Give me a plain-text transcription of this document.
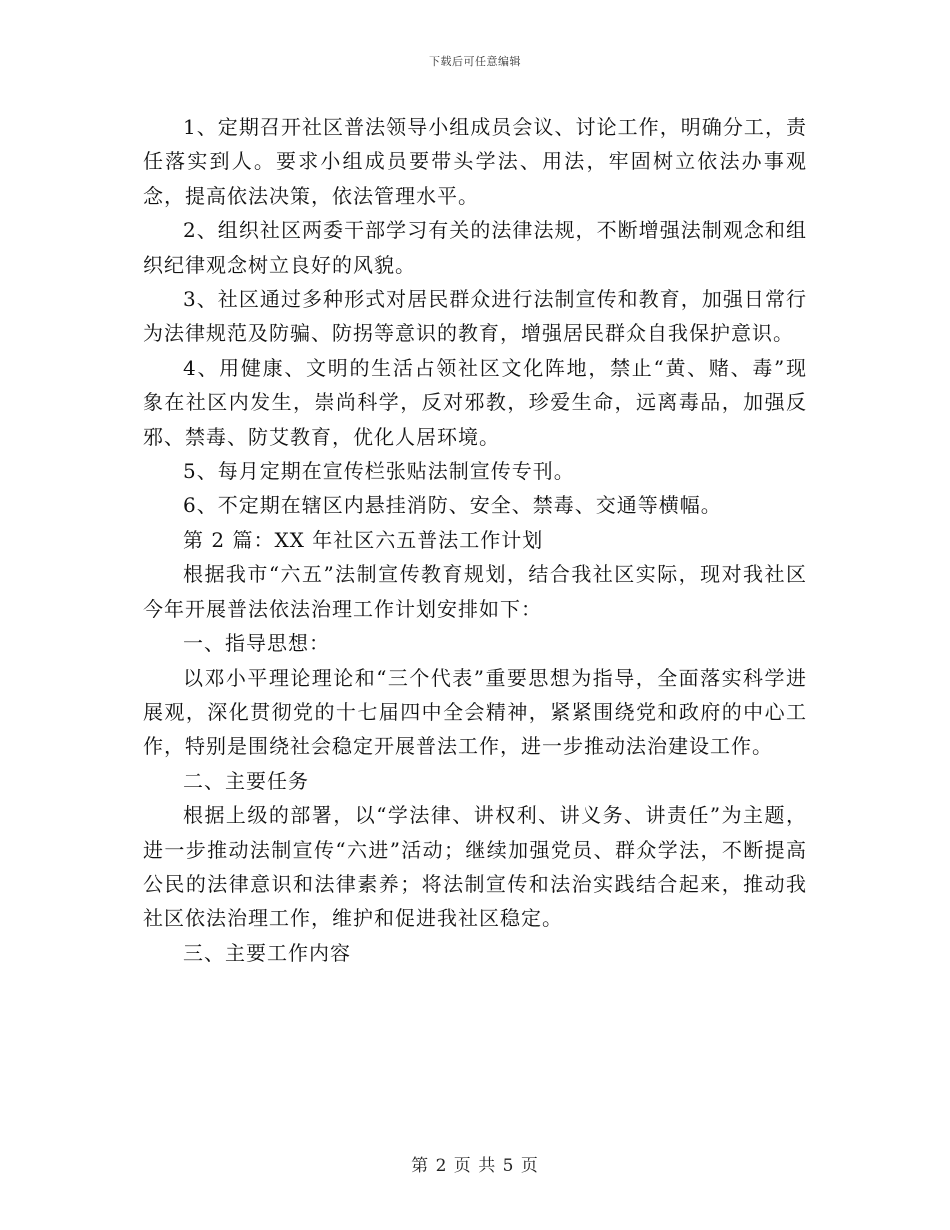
下载后可任意编辑

1、定期召开社区普法领导小组成员会议、讨论工作，明确分工，责任落实到人。要求小组成员要带头学法、用法，牢固树立依法办事观念，提高依法决策，依法管理水平。

2、组织社区两委干部学习有关的法律法规，不断增强法制观念和组织纪律观念树立良好的风貌。

3、社区通过多种形式对居民群众进行法制宣传和教育，加强日常行为法律规范及防骗、防拐等意识的教育，增强居民群众自我保护意识。

4、用健康、文明的生活占领社区文化阵地，禁止“黄、赌、毒”现象在社区内发生，崇尚科学，反对邪教，珍爱生命，远离毒品，加强反邪、禁毒、防艾教育，优化人居环境。

5、每月定期在宣传栏张贴法制宣传专刊。

6、不定期在辖区内悬挂消防、安全、禁毒、交通等横幅。

第 2 篇：XX 年社区六五普法工作计划

根据我市“六五”法制宣传教育规划，结合我社区实际，现对我社区今年开展普法依法治理工作计划安排如下：

一、指导思想：

以邓小平理论理论和“三个代表”重要思想为指导，全面落实科学进展观，深化贯彻党的十七届四中全会精神，紧紧围绕党和政府的中心工作，特别是围绕社会稳定开展普法工作，进一步推动法治建设工作。

二、主要任务

根据上级的部署，以“学法律、讲权利、讲义务、讲责任”为主题，进一步推动法制宣传“六进”活动；继续加强党员、群众学法，不断提高公民的法律意识和法律素养；将法制宣传和法治实践结合起来，推动我社区依法治理工作，维护和促进我社区稳定。

三、主要工作内容

第 2 页 共 5 页
